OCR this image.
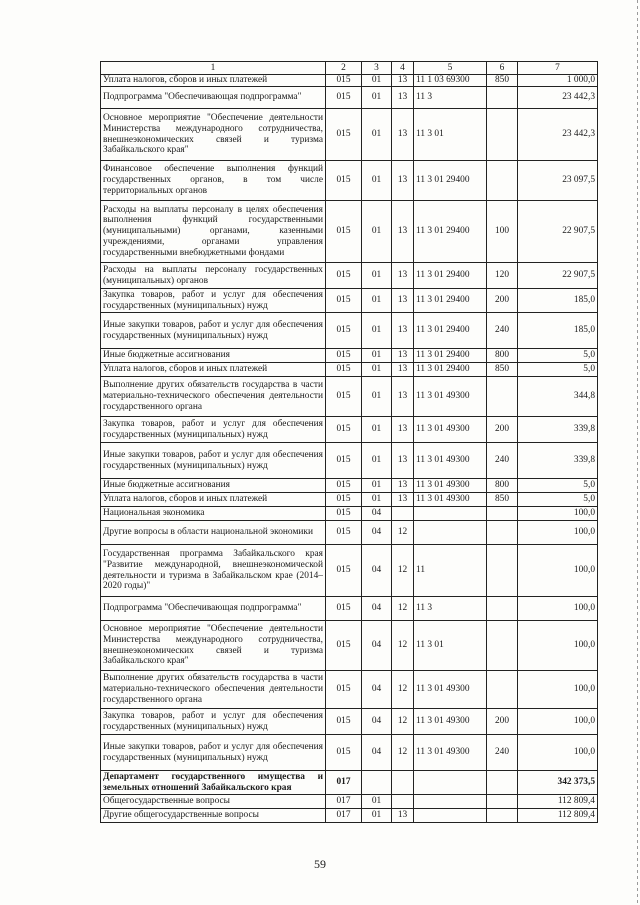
1	2	3	4	5	6	7
Уплата налогов, сборов и иных платежей	015	01	13	11 1 03 69300	850	1 000,0
Подпрограмма "Обеспечивающая подпрограмма"	015	01	13	11 3		23 442,3
Основное мероприятие "Обеспечение деятельности Министерства международного сотрудничества, внешнеэкономических связей и туризма Забайкальского края"	015	01	13	11 3 01		23 442,3
Финансовое обеспечение выполнения функций государственных органов, в том числе территориальных органов	015	01	13	11 3 01 29400		23 097,5
Расходы на выплаты персоналу в целях обеспечения выполнения функций государственными (муниципальными) органами, казенными учреждениями, органами управления государственными внебюджетными фондами	015	01	13	11 3 01 29400	100	22 907,5
Расходы на выплаты персоналу государственных (муниципальных) органов	015	01	13	11 3 01 29400	120	22 907,5
Закупка товаров, работ и услуг для обеспечения государственных (муниципальных) нужд	015	01	13	11 3 01 29400	200	185,0
Иные закупки товаров, работ и услуг для обеспечения государственных (муниципальных) нужд	015	01	13	11 3 01 29400	240	185,0
Иные бюджетные ассигнования	015	01	13	11 3 01 29400	800	5,0
Уплата налогов, сборов и иных платежей	015	01	13	11 3 01 29400	850	5,0
Выполнение других обязательств государства в части материально-технического обеспечения деятельности государственного органа	015	01	13	11 3 01 49300		344,8
Закупка товаров, работ и услуг для обеспечения государственных (муниципальных) нужд	015	01	13	11 3 01 49300	200	339,8
Иные закупки товаров, работ и услуг для обеспечения государственных (муниципальных) нужд	015	01	13	11 3 01 49300	240	339,8
Иные бюджетные ассигнования	015	01	13	11 3 01 49300	800	5,0
Уплата налогов, сборов и иных платежей	015	01	13	11 3 01 49300	850	5,0
Национальная экономика	015	04				100,0
Другие вопросы в области национальной экономики	015	04	12			100,0
Государственная программа Забайкальского края "Развитие международной, внешнеэкономической деятельности и туризма в Забайкальском крае (2014–2020 годы)"	015	04	12	11		100,0
Подпрограмма "Обеспечивающая подпрограмма"	015	04	12	11 3		100,0
Основное мероприятие "Обеспечение деятельности Министерства международного сотрудничества, внешнеэкономических связей и туризма Забайкальского края"	015	04	12	11 3 01		100,0
Выполнение других обязательств государства в части материально-технического обеспечения деятельности государственного органа	015	04	12	11 3 01 49300		100,0
Закупка товаров, работ и услуг для обеспечения государственных (муниципальных) нужд	015	04	12	11 3 01 49300	200	100,0
Иные закупки товаров, работ и услуг для обеспечения государственных (муниципальных) нужд	015	04	12	11 3 01 49300	240	100,0
Департамент государственного имущества и земельных отношений Забайкальского края	017					342 373,5
Общегосударственные вопросы	017	01				112 809,4
Другие общегосударственные вопросы	017	01	13			112 809,4
59
